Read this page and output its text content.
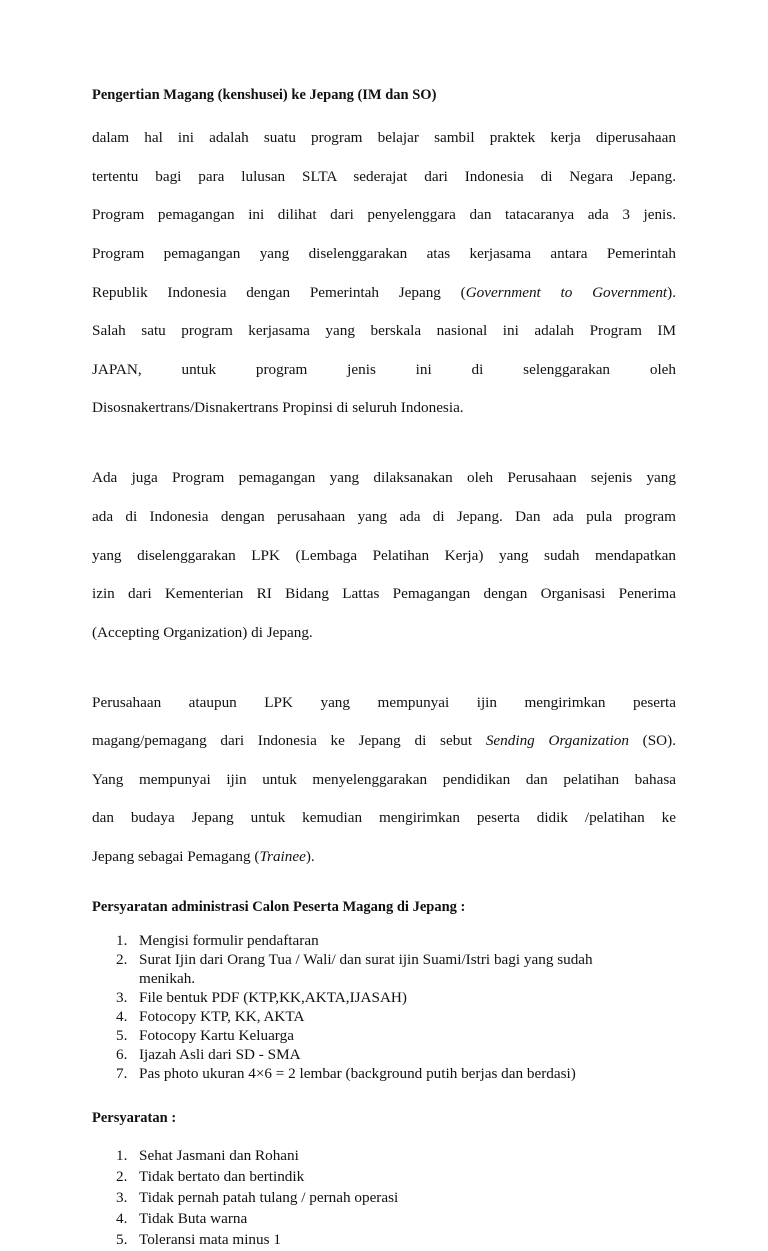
Pengertian Magang (kenshusei) ke Jepang (IM dan SO)

dalam hal ini adalah suatu program belajar sambil praktek kerja diperusahaan

tertentu bagi para lulusan SLTA sederajat dari Indonesia di Negara Jepang.

Program pemagangan ini dilihat dari penyelenggara dan tatacaranya ada 3 jenis.

Program pemagangan yang diselenggarakan atas kerjasama antara Pemerintah

Republik Indonesia dengan Pemerintah Jepang (Government to Government).

Salah satu program kerjasama yang berskala nasional ini adalah Program IM

JAPAN,          untuk          program          jenis          ini          di          selenggarakan          oleh

Disosnakertrans/Disnakertrans Propinsi di seluruh Indonesia.

Ada juga Program pemagangan yang dilaksanakan oleh Perusahaan sejenis yang

ada di Indonesia dengan perusahaan yang ada di Jepang. Dan ada pula program

yang diselenggarakan LPK (Lembaga Pelatihan Kerja) yang sudah mendapatkan

izin dari Kementerian RI Bidang Lattas Pemagangan dengan Organisasi Penerima

(Accepting Organization) di Jepang.

Perusahaan ataupun LPK yang mempunyai ijin mengirimkan peserta

magang/pemagang dari Indonesia ke Jepang di sebut Sending Organization (SO).

Yang mempunyai ijin untuk menyelenggarakan pendidikan dan pelatihan bahasa

dan budaya Jepang untuk kemudian mengirimkan peserta didik /pelatihan ke

Jepang sebagai Pemagang (Trainee).

Persyaratan administrasi Calon Peserta Magang di Jepang :
1. Mengisi formulir pendaftaran
2. Surat Ijin dari Orang Tua / Wali/ dan surat ijin Suami/Istri bagi yang sudah menikah.
3. File bentuk PDF (KTP,KK,AKTA,IJASAH)
4. Fotocopy KTP, KK, AKTA
5. Fotocopy Kartu Keluarga
6. Ijazah Asli dari SD - SMA
7. Pas photo ukuran 4×6 = 2 lembar (background putih berjas dan berdasi)
Persyaratan :
1. Sehat Jasmani dan Rohani
2. Tidak bertato dan bertindik
3. Tidak pernah patah tulang / pernah operasi
4. Tidak Buta warna
5. Toleransi mata minus 1
